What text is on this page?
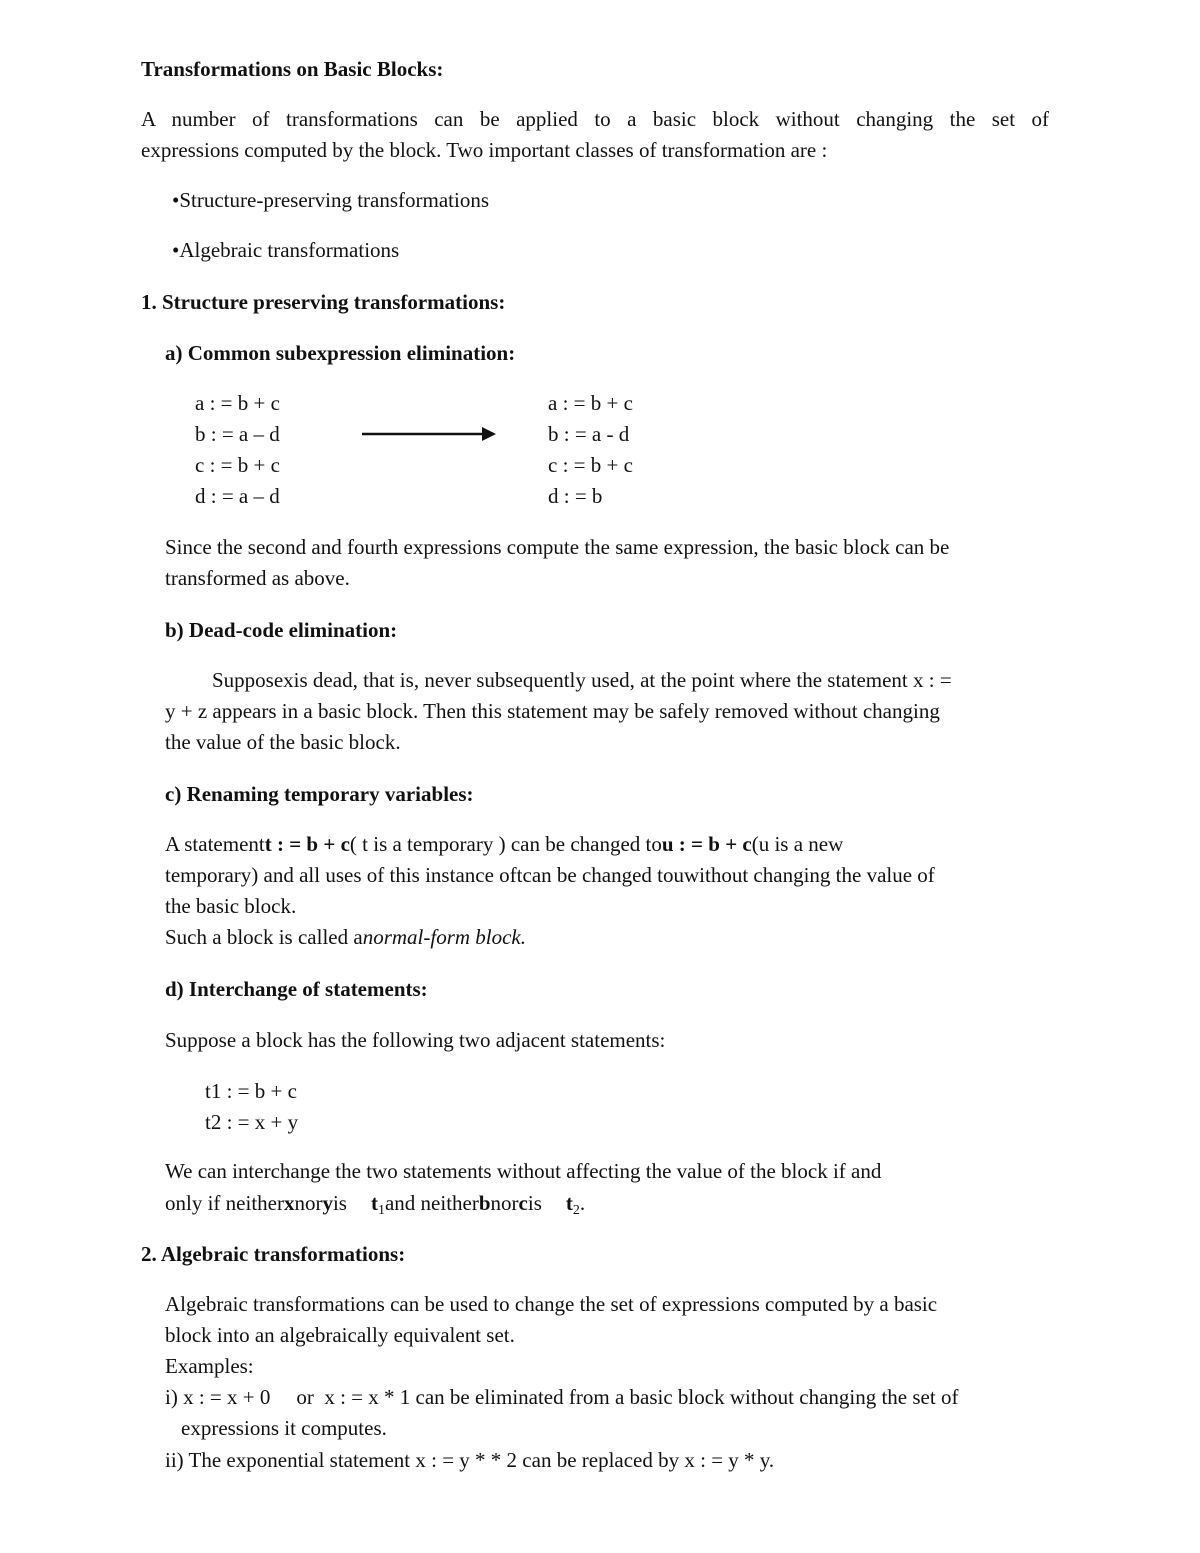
Transformations on Basic Blocks:
A number of transformations can be applied to a basic block without changing the set of
expressions computed by the block. Two important classes of transformation are :
•Structure-preserving transformations
•Algebraic transformations
1. Structure preserving transformations:
a) Common subexpression elimination:
a : = b + c
b : = a – d
c : = b + c
d : = a – d
a : = b + c
b : = a - d
c : = b + c
d : = b
Since the second and fourth expressions compute the same expression, the basic block can be
transformed as above.
b) Dead-code elimination:
Supposexis dead, that is, never subsequently used, at the point where the statement x : =
y + z appears in a basic block. Then this statement may be safely removed without changing
the value of the basic block.
c) Renaming temporary variables:
A statementt : = b + c( t is a temporary ) can be changed tou : = b + c(u is a new
temporary) and all uses of this instance oftcan be changed touwithout changing the value of
the basic block.
Such a block is called anormal-form block.
d) Interchange of statements:
Suppose a block has the following two adjacent statements:
t1 : = b + c
t2 : = x + y
We can interchange the two statements without affecting the value of the block if and
only if neitherxnoryis t1and neitherbnorcis t2.
2. Algebraic transformations:
Algebraic transformations can be used to change the set of expressions computed by a basic
block into an algebraically equivalent set.
Examples:
i) x : = x + 0 or  x : = x * 1 can be eliminated from a basic block without changing the set of
expressions it computes.
ii) The exponential statement x : = y * * 2 can be replaced by x : = y * y.
